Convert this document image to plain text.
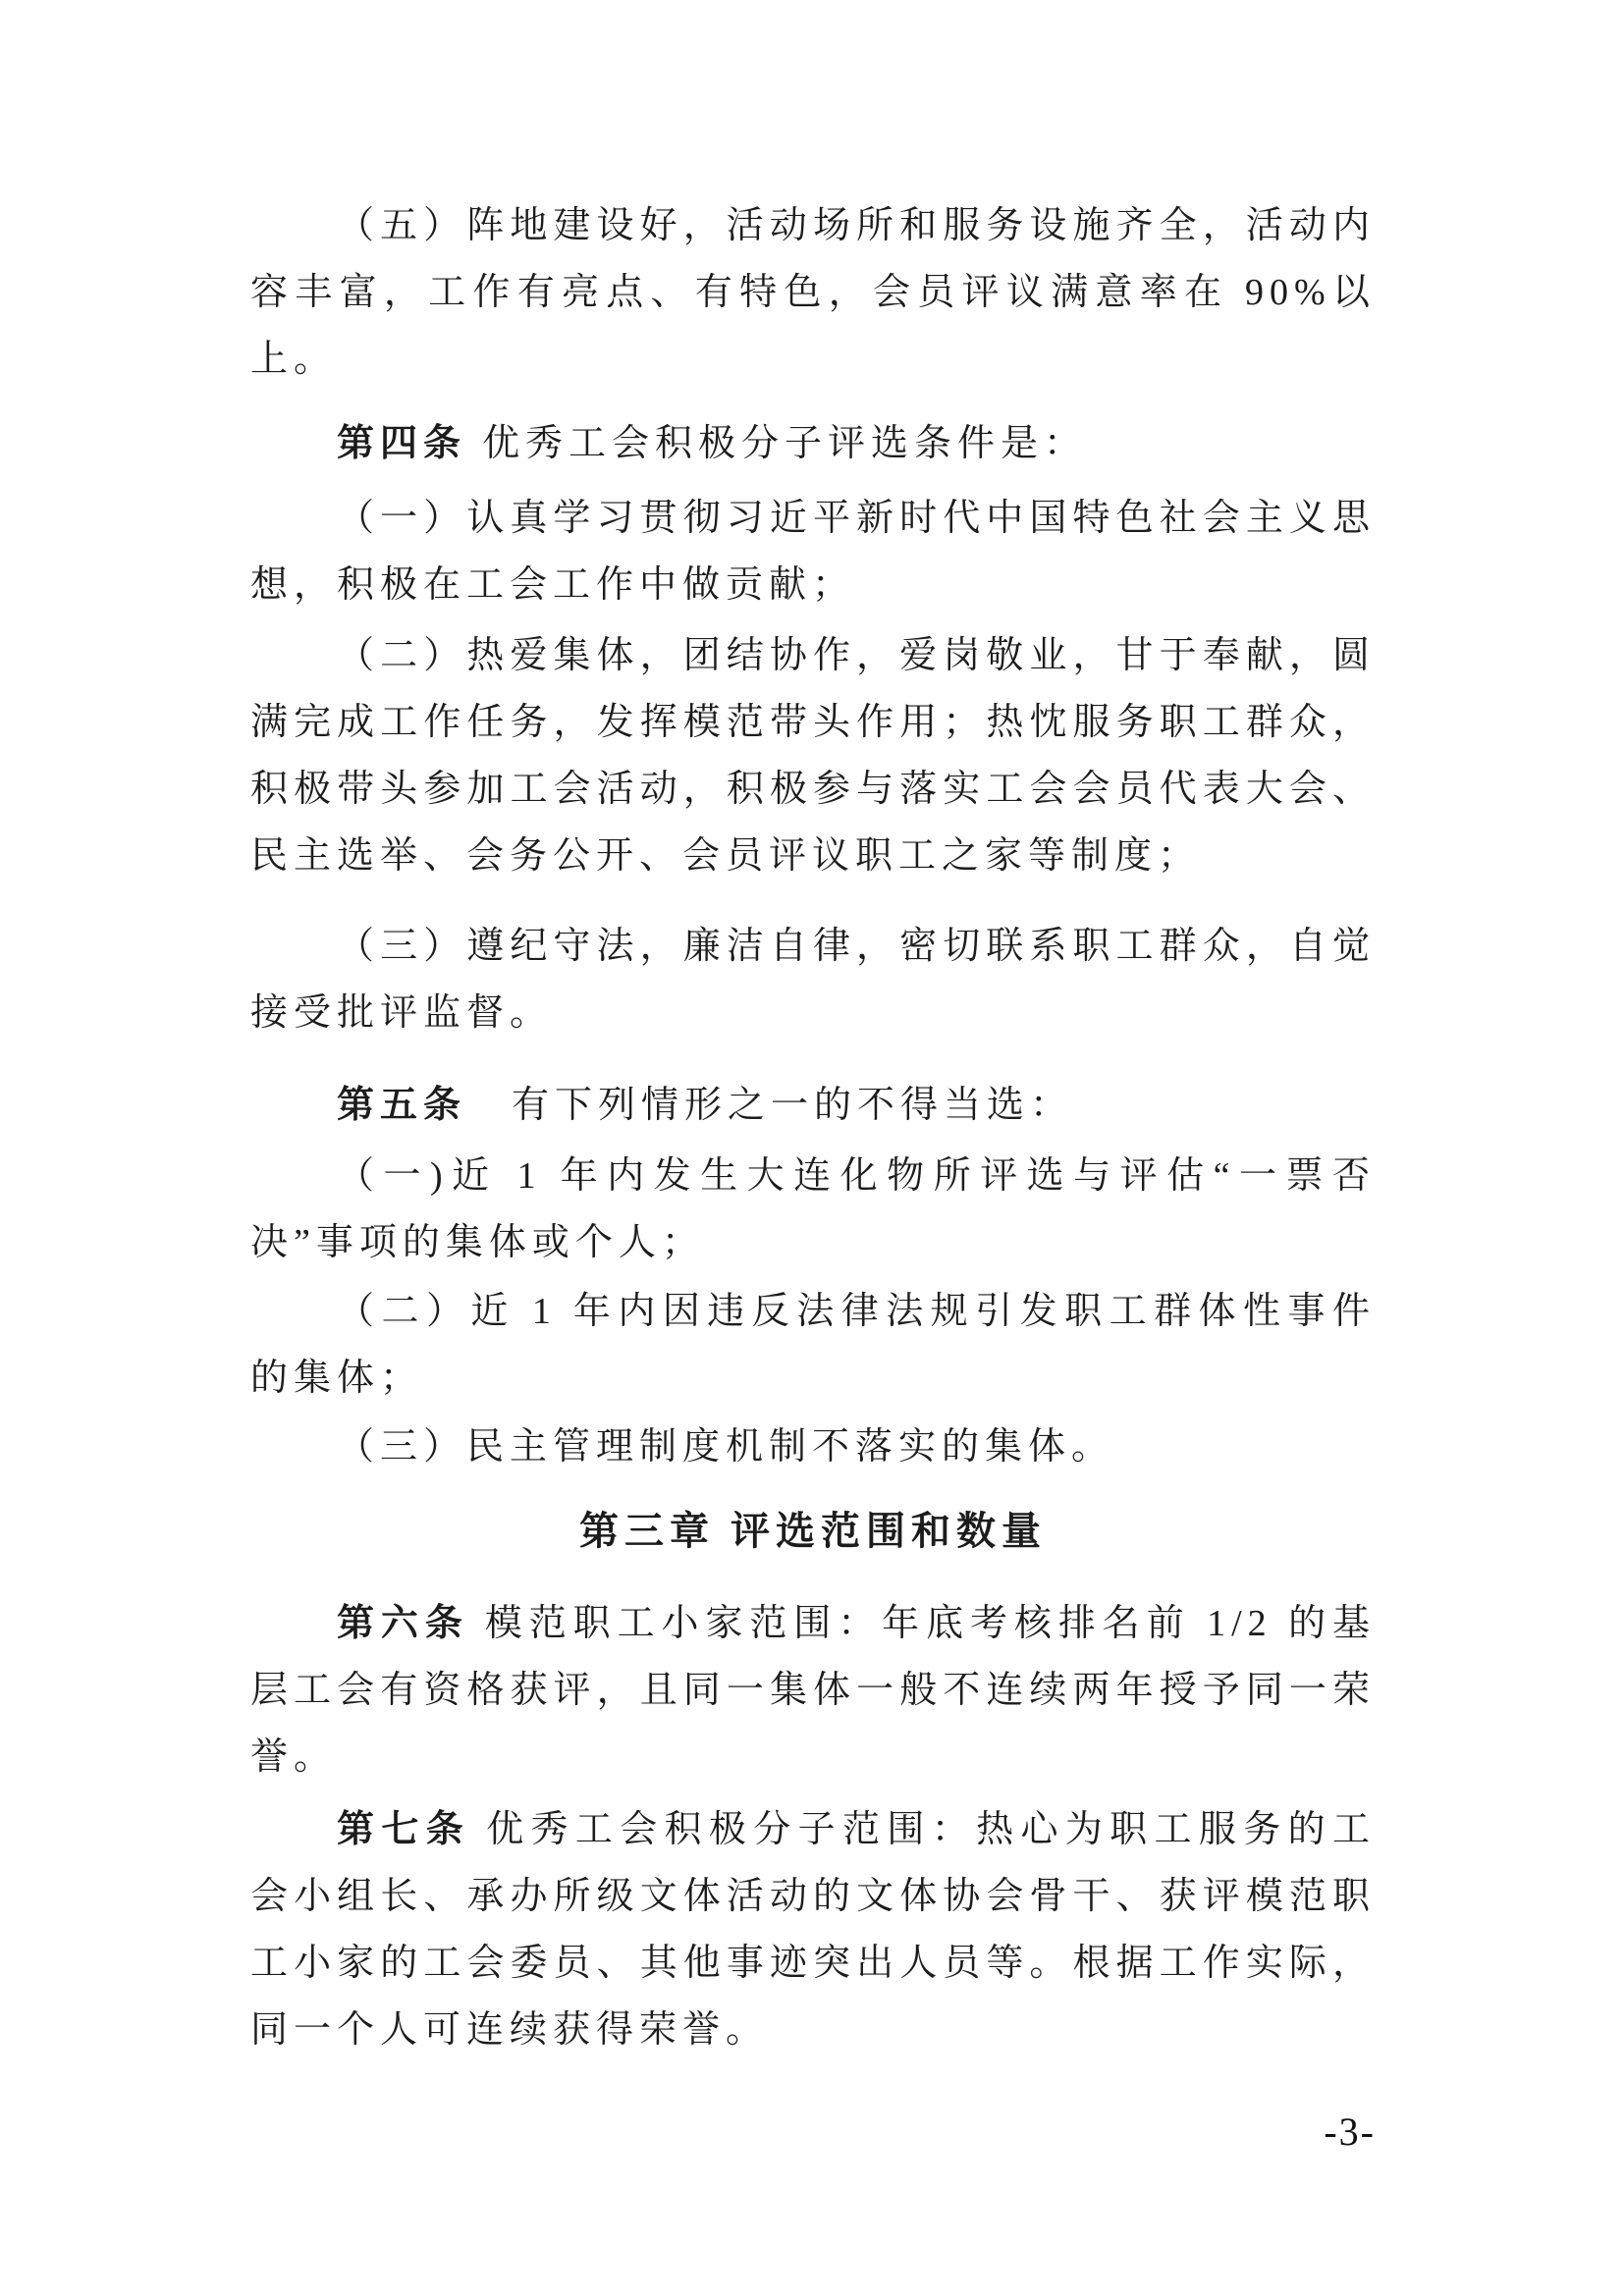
（五）阵地建设好，活动场所和服务设施齐全，活动内容丰富，工作有亮点、有特色，会员评议满意率在 90%以上。

第四条 优秀工会积极分子评选条件是：

（一）认真学习贯彻习近平新时代中国特色社会主义思想，积极在工会工作中做贡献；

（二）热爱集体，团结协作，爱岗敬业，甘于奉献，圆满完成工作任务，发挥模范带头作用；热忱服务职工群众，积极带头参加工会活动，积极参与落实工会会员代表大会、民主选举、会务公开、会员评议职工之家等制度；

（三）遵纪守法，廉洁自律，密切联系职工群众，自觉接受批评监督。

第五条 有下列情形之一的不得当选：

（一)近 1 年内发生大连化物所评选与评估“一票否决”事项的集体或个人；

（二）近 1 年内因违反法律法规引发职工群体性事件的集体；

（三）民主管理制度机制不落实的集体。

第三章 评选范围和数量

第六条 模范职工小家范围：年底考核排名前 1/2 的基层工会有资格获评，且同一集体一般不连续两年授予同一荣誉。

第七条 优秀工会积极分子范围：热心为职工服务的工会小组长、承办所级文体活动的文体协会骨干、获评模范职工小家的工会委员、其他事迹突出人员等。根据工作实际，同一个人可连续获得荣誉。

-3-
